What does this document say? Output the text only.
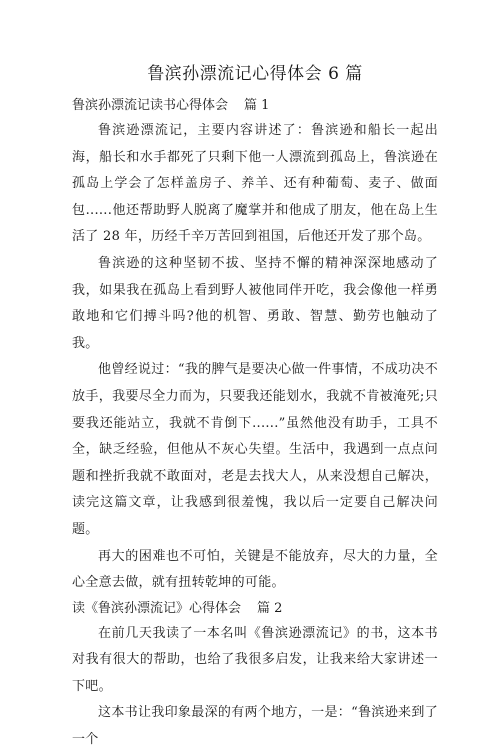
鲁滨孙漂流记心得体会 6 篇
鲁滨孙漂流记读书心得体会 篇 1

鲁滨逊漂流记，主要内容讲述了：鲁滨逊和船长一起出海，船长和水手都死了只剩下他一人漂流到孤岛上，鲁滨逊在孤岛上学会了怎样盖房子、养羊、还有种葡萄、麦子、做面包......他还帮助野人脱离了魔掌并和他成了朋友，他在岛上生活了 28 年，历经千辛万苦回到祖国，后他还开发了那个岛。

鲁滨逊的这种坚韧不拔、坚持不懈的精神深深地感动了我，如果我在孤岛上看到野人被他同伴开吃，我会像他一样勇敢地和它们搏斗吗?他的机智、勇敢、智慧、勤劳也触动了我。

他曾经说过：“我的脾气是要决心做一件事情，不成功决不放手，我要尽全力而为，只要我还能划水，我就不肯被淹死;只要我还能站立，我就不肯倒下......”虽然他没有助手，工具不全，缺乏经验，但他从不灰心失望。生活中，我遇到一点点问题和挫折我就不敢面对，老是去找大人，从来没想自己解决，读完这篇文章，让我感到很羞愧，我以后一定要自己解决问题。

再大的困难也不可怕，关键是不能放弃，尽大的力量，全心全意去做，就有扭转乾坤的可能。

读《鲁滨孙漂流记》心得体会 篇 2

在前几天我读了一本名叫《鲁滨逊漂流记》的书，这本书对我有很大的帮助，也给了我很多启发，让我来给大家讲述一下吧。

这本书让我印象最深的有两个地方，一是：“鲁滨逊来到了一个
